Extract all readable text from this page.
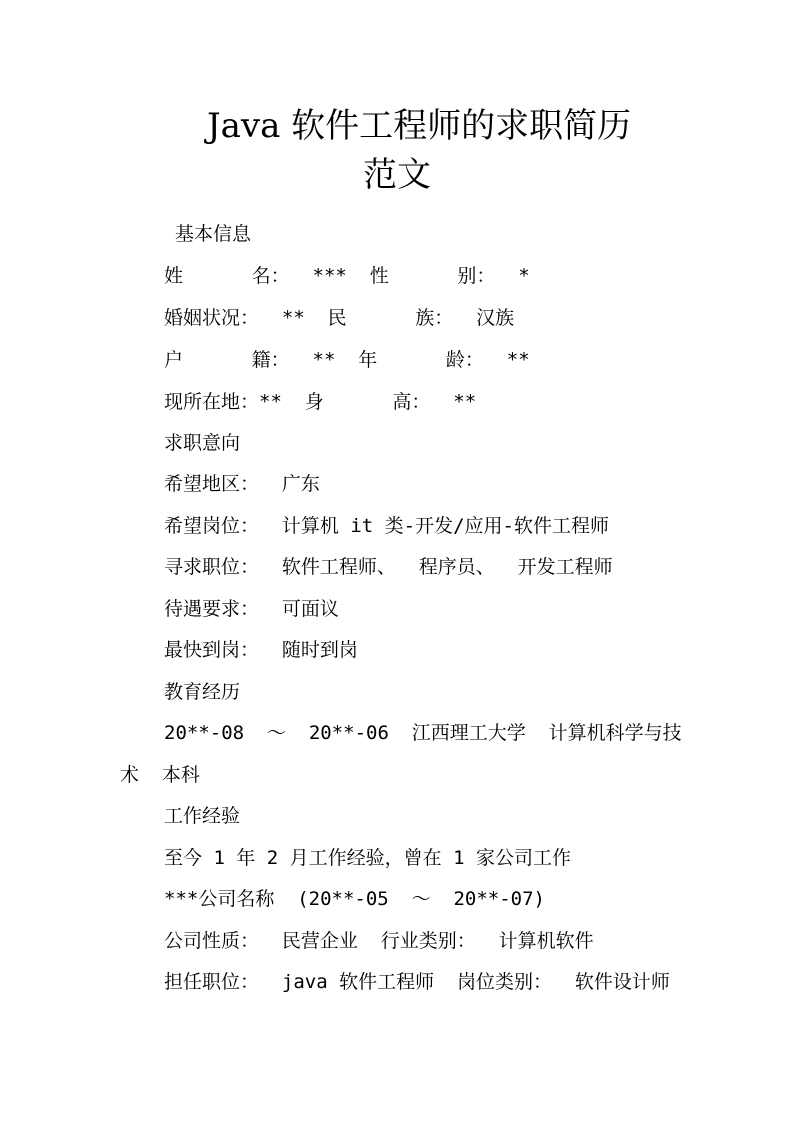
Java 软件工程师的求职简历
范文
基本信息
姓      名：  ***  性      别：  *
婚姻状况：  **  民      族：  汉族
户      籍：  **  年      龄：  **
现所在地：**  身      高：  **
求职意向
希望地区：  广东
希望岗位：  计算机 it 类-开发/应用-软件工程师
寻求职位：  软件工程师、  程序员、  开发工程师
待遇要求：  可面议
最快到岗：  随时到岗
教育经历
20**-08  ～  20**-06  江西理工大学  计算机科学与技
术  本科
工作经验
至今 1 年 2 月工作经验，曾在 1 家公司工作
***公司名称  (20**-05  ～  20**-07)
公司性质：  民营企业  行业类别：  计算机软件
担任职位：  java 软件工程师  岗位类别：  软件设计师
